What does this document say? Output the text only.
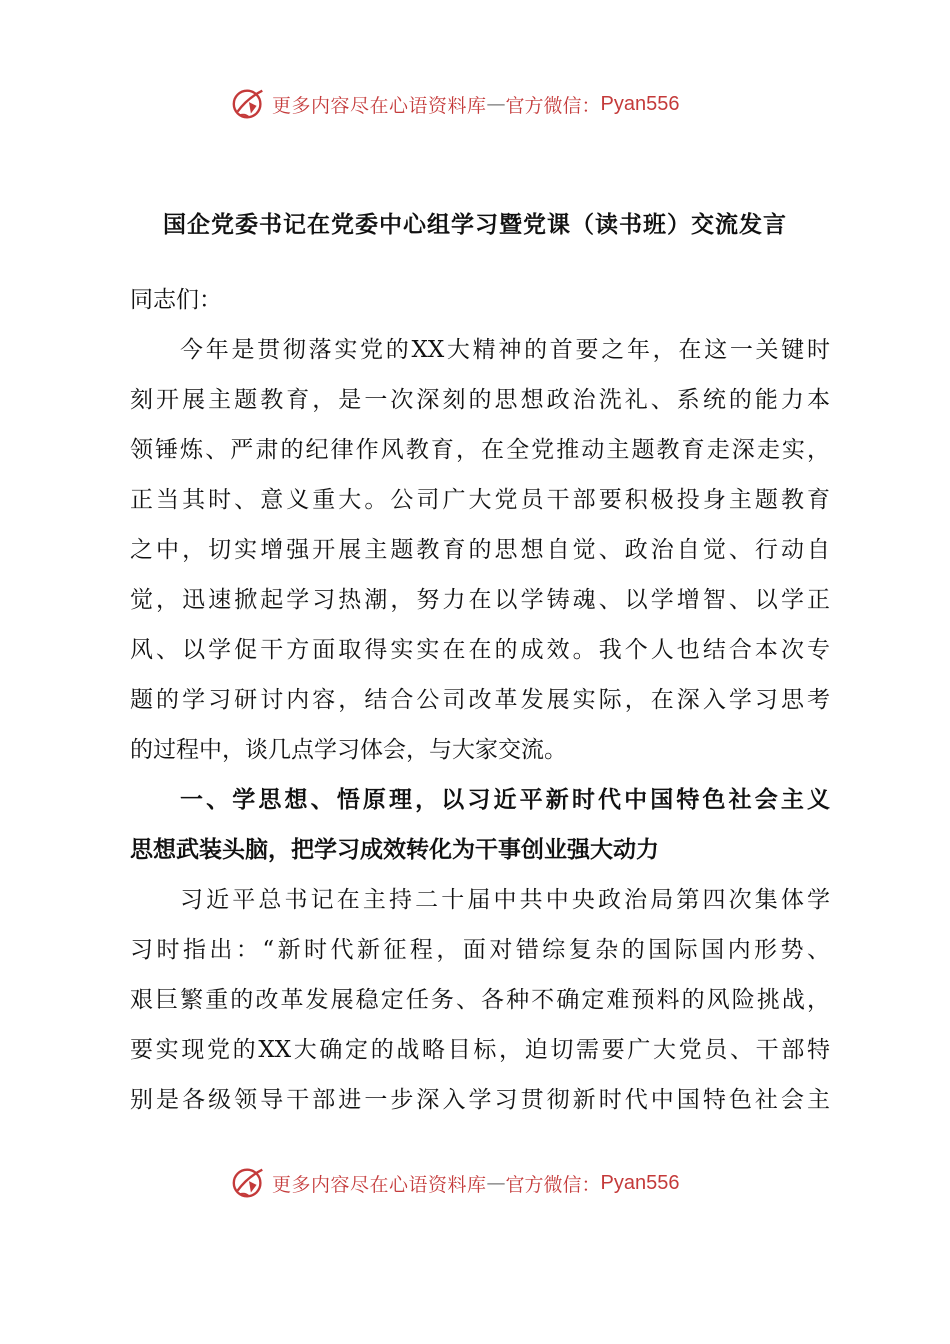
更多内容尽在心语资料库 — 官方微信： Pyan556
国企党委书记在党委中心组学习暨党课（读书班）交流发言
同志们：
今年是贯彻落实党的XX大精神的首要之年，在这一关键时
刻开展主题教育，是一次深刻的思想政治洗礼、系统的能力本
领锤炼、严肃的纪律作风教育，在全党推动主题教育走深走实，
正当其时、意义重大。公司广大党员干部要积极投身主题教育
之中，切实增强开展主题教育的思想自觉、政治自觉、行动自
觉，迅速掀起学习热潮，努力在以学铸魂、以学增智、以学正
风、以学促干方面取得实实在在的成效。我个人也结合本次专
题的学习研讨内容，结合公司改革发展实际，在深入学习思考
的过程中，谈几点学习体会，与大家交流。
一、学思想、悟原理，以习近平新时代中国特色社会主义
思想武装头脑，把学习成效转化为干事创业强大动力
习近平总书记在主持二十届中共中央政治局第四次集体学
习时指出：“新时代新征程，面对错综复杂的国际国内形势、
艰巨繁重的改革发展稳定任务、各种不确定难预料的风险挑战，
要实现党的XX大确定的战略目标，迫切需要广大党员、干部特
别是各级领导干部进一步深入学习贯彻新时代中国特色社会主
更多内容尽在心语资料库 — 官方微信： Pyan556
